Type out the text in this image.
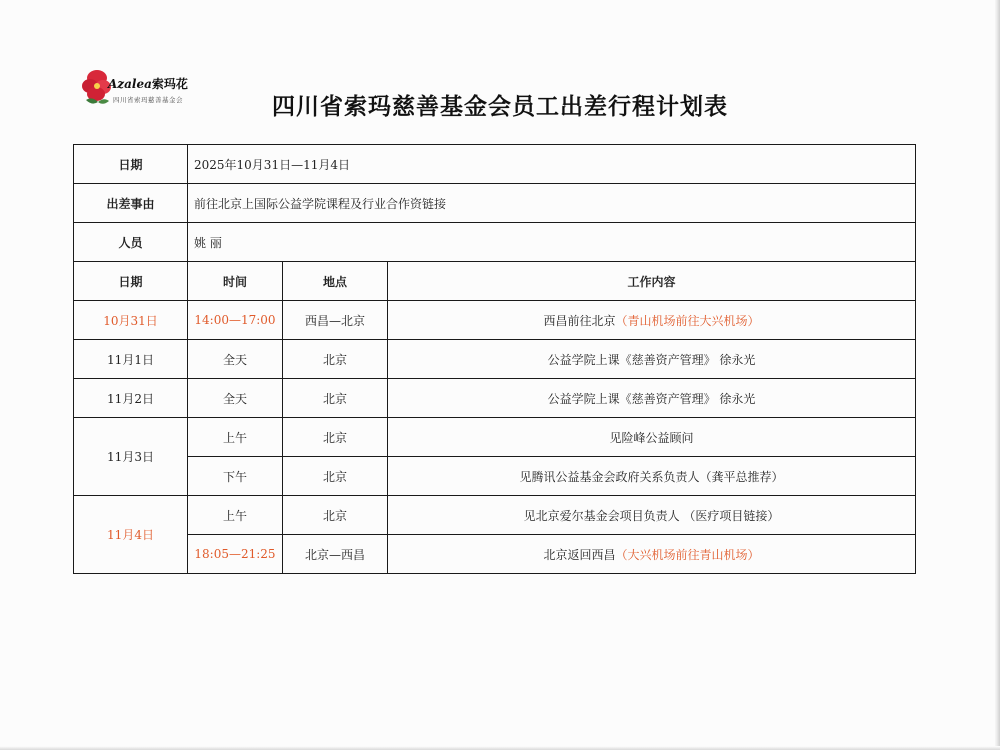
Azalea索玛花
四川省索玛慈善基金会	四川省索玛慈善基金会员工出差行程计划表
日期	2025年10月31日—11月4日		
出差事由	前往北京上国际公益学院课程及行业合作资链接		
人员	姚 丽		
日期	时间	地点	工作内容
10月31日	14:00—17:00	西昌—北京	西昌前往北京（青山机场前往大兴机场）
11月1日	全天	北京	公益学院上课《慈善资产管理》 徐永光
11月2日	全天	北京	公益学院上课《慈善资产管理》 徐永光
11月3日	上午	北京	见险峰公益顾问
	下午	北京	见腾讯公益基金会政府关系负责人（龚平总推荐）
11月4日	上午	北京	见北京爱尔基金会项目负责人 （医疗项目链接）
	18:05—21:25	北京—西昌	北京返回西昌（大兴机场前往青山机场）
